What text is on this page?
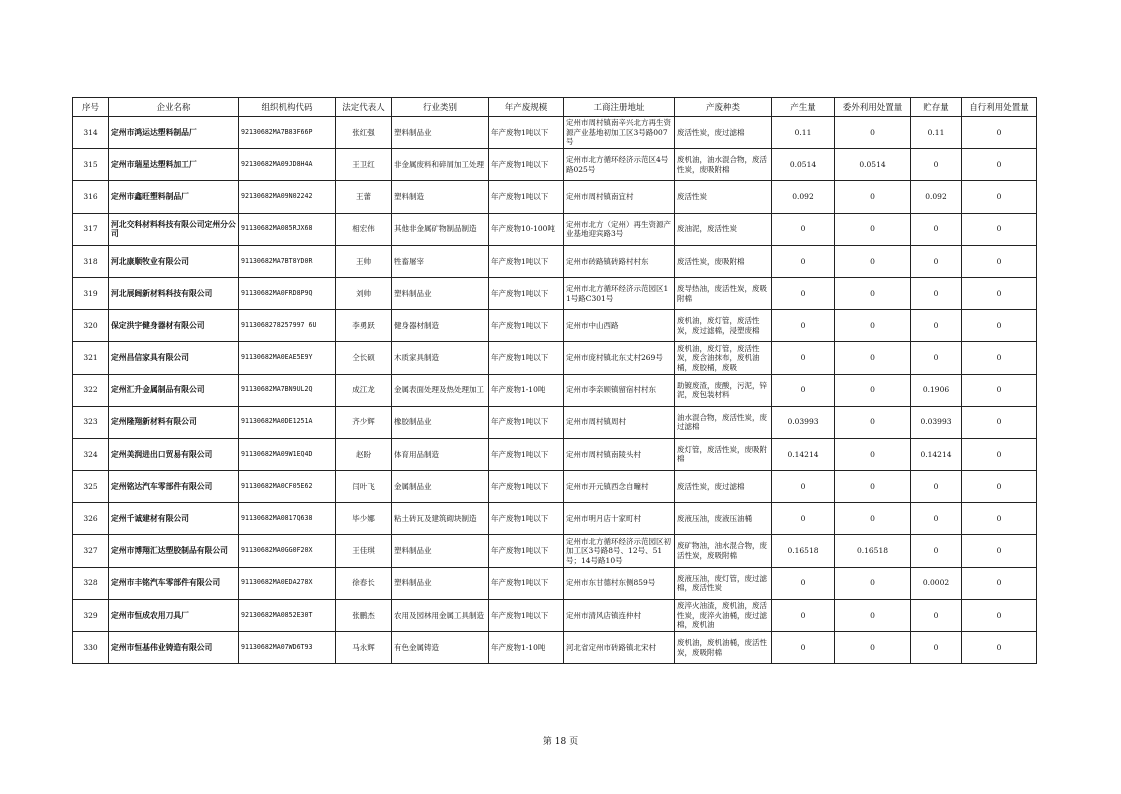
序号	企业名称	组织机构代码	法定代表人	行业类别	年产废规模	工商注册地址	产废种类	产生量	委外利用处置量	贮存量	自行利用处置量

314	定州市鸿运达塑料制品厂	92130682MA7B83F66P	张红强	塑料制品业	年产废物1吨以下	定州市周村镇南辛兴北方再生资源产业基地初加工区3号路007号	废活性炭，废过滤棉	0.11	0	0.11	0

315	定州市瑞星达塑料加工厂	92130682MA09JD8H4A	王卫红	非金属废料和碎屑加工处理	年产废物1吨以下	定州市北方循环经济示范区4号路025号	废机油，油水混合物，废活性炭，废吸附棉	0.0514	0.0514	0	0

316	定州市鑫旺塑料制品厂	92130682MA09N02242	王蕾	塑料制造	年产废物1吨以下	定州市周村镇南宜村	废活性炭	0.092	0	0.092	0

317	河北交科材料科技有限公司定州分公司	91130682MA085RJX68	相宏伟	其他非金属矿物制品制造	年产废物10-100吨	定州市北方（定州）再生资源产业基地迎宾路3号	废油泥，废活性炭	0	0	0	0

318	河北康顺牧业有限公司	91130682MA7BT8YD0R	王帅	牲畜屠宰	年产废物1吨以下	定州市砖路镇砖路村村东	废活性炭，废吸附棉	0	0	0	0

319	河北展阔新材料科技有限公司	91130682MA0FRD8P9Q	刘帅	塑料制品业	年产废物1吨以下	定州市北方循环经济示范园区11号路C301号	废导热油，废活性炭，废吸附棉	0	0	0	0

320	保定洪宇健身器材有限公司	9113068278257997 6U	李勇跃	健身器材制造	年产废物1吨以下	定州市中山西路	废机油，废灯管，废活性炭，废过滤棉，浸塑废棉	0	0	0	0

321	定州昌信家具有限公司	91130682MA0EAE5E9Y	仝长硕	木质家具制造	年产废物1吨以下	定州市庞村镇北东丈村269号	废机油，废灯管，废活性炭，废含油抹布，废机油桶，废胶桶，废吸	0	0	0	0

322	定州汇升金属制品有限公司	91130682MA7BN9UL2Q	成江龙	金属表面处理及热处理加工	年产废物1-10吨	定州市李亲顾镇留宿村村东	助镀废渣，废酸，污泥，锌泥，废包装材料	0	0	0.1906	0

323	定州隆翔新材料有限公司	91130682MA0DE1251A	齐少辉	橡胶制品业	年产废物1吨以下	定州市周村镇周村	油水混合物，废活性炭，废过滤棉	0.03993	0	0.03993	0

324	定州美润进出口贸易有限公司	91130682MA09W1EQ4D	赵盼	体育用品制造	年产废物1吨以下	定州市周村镇南陵头村	废灯管，废活性炭，废吸附棉	0.14214	0	0.14214	0

325	定州铭达汽车零部件有限公司	91130682MA0CF05E62	闫叶飞	金属制品业	年产废物1吨以下	定州市开元镇西念自疃村	废活性炭，废过滤棉	0	0	0	0

326	定州千诚建材有限公司	91130682MA0817Q638	毕少娜	粘土砖瓦及建筑砌块制造	年产废物1吨以下	定州市明月店十家町村	废液压油，废液压油桶	0	0	0	0

327	定州市博翔汇达塑胶制品有限公司	91130682MA0GG0F20X	王佳琪	塑料制品业	年产废物1吨以下	定州市北方循环经济示范园区初加工区3号路8号、12号、51号；14号路10号	废矿物油，油水混合物，废活性炭，废吸附棉	0.16518	0.16518	0	0

328	定州市丰铭汽车零部件有限公司	91130682MA0EDA278X	徐春长	塑料制品业	年产废物1吨以下	定州市东甘德村东侧859号	废液压油，废灯管，废过滤棉，废活性炭	0	0	0.0002	0

329	定州市恒成农用刀具厂	92130682MA0852E30T	张鹏杰	农用及园林用金属工具制造	年产废物1吨以下	定州市清风店镇连仲村	废淬火油渣，废机油，废活性炭，废淬火油桶，废过滤棉，废机油	0	0	0	0

330	定州市恒基伟业铸造有限公司	91130682MA07WD6T93	马永辉	有色金属铸造	年产废物1-10吨	河北省定州市砖路镇北宋村	废机油，废机油桶，废活性炭，废吸附棉	0	0	0	0
第 18 页
